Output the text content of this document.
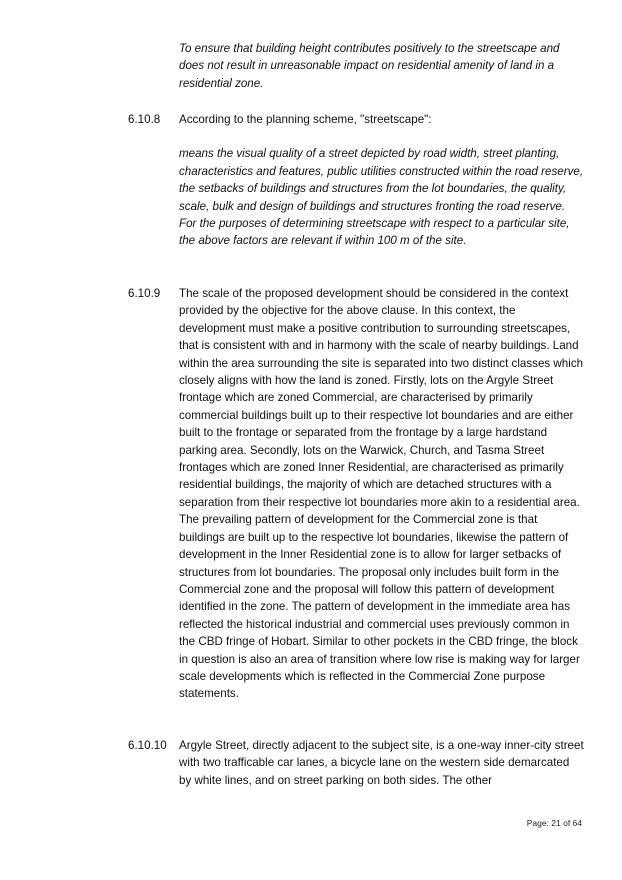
To ensure that building height contributes positively to the streetscape and does not result in unreasonable impact on residential amenity of land in a residential zone.

6.10.8	According to the planning scheme, "streetscape":
means the visual quality of a street depicted by road width, street planting, characteristics and features, public utilities constructed within the road reserve, the setbacks of buildings and structures from the lot boundaries, the quality, scale, bulk and design of buildings and structures fronting the road reserve. For the purposes of determining streetscape with respect to a particular site, the above factors are relevant if within 100 m of the site.
6.10.9	The scale of the proposed development should be considered in the context provided by the objective for the above clause. In this context, the development must make a positive contribution to surrounding streetscapes, that is consistent with and in harmony with the scale of nearby buildings. Land within the area surrounding the site is separated into two distinct classes which closely aligns with how the land is zoned. Firstly, lots on the Argyle Street frontage which are zoned Commercial, are characterised by primarily commercial buildings built up to their respective lot boundaries and are either built to the frontage or separated from the frontage by a large hardstand parking area. Secondly, lots on the Warwick, Church, and Tasma Street frontages which are zoned Inner Residential, are characterised as primarily residential buildings, the majority of which are detached structures with a separation from their respective lot boundaries more akin to a residential area. The prevailing pattern of development for the Commercial zone is that buildings are built up to the respective lot boundaries, likewise the pattern of development in the Inner Residential zone is to allow for larger setbacks of structures from lot boundaries. The proposal only includes built form in the Commercial zone and the proposal will follow this pattern of development identified in the zone. The pattern of development in the immediate area has reflected the historical industrial and commercial uses previously common in the CBD fringe of Hobart. Similar to other pockets in the CBD fringe, the block in question is also an area of transition where low rise is making way for larger scale developments which is reflected in the Commercial Zone purpose statements.
6.10.10	Argyle Street, directly adjacent to the subject site, is a one-way inner-city street with two trafficable car lanes, a bicycle lane on the western side demarcated by white lines, and on street parking on both sides. The other
Page: 21 of 64
